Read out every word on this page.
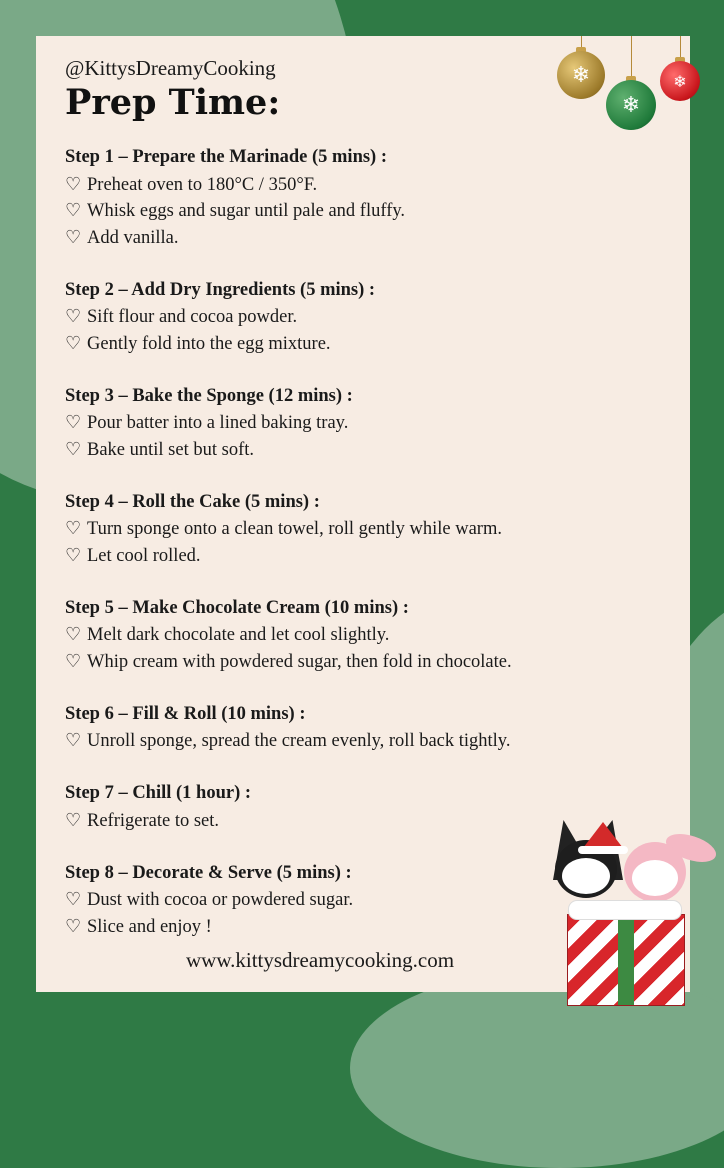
@KittysDreamyCooking

Prep Time:
Step 1 – Prepare the Marinade (5 mins) :
♡ Preheat oven to 180°C / 350°F.
♡ Whisk eggs and sugar until pale and fluffy.
♡ Add vanilla.
Step 2 – Add Dry Ingredients (5 mins) :
♡ Sift flour and cocoa powder.
♡ Gently fold into the egg mixture.
Step 3 – Bake the Sponge (12 mins) :
♡ Pour batter into a lined baking tray.
♡ Bake until set but soft.
Step 4 – Roll the Cake (5 mins) :
♡ Turn sponge onto a clean towel, roll gently while warm.
♡ Let cool rolled.
Step 5 – Make Chocolate Cream (10 mins) :
♡ Melt dark chocolate and let cool slightly.
♡ Whip cream with powdered sugar, then fold in chocolate.
Step 6 – Fill & Roll (10 mins) :
♡ Unroll sponge, spread the cream evenly, roll back tightly.
Step 7 – Chill (1 hour) :
♡ Refrigerate to set.
Step 8 – Decorate & Serve (5 mins) :
♡ Dust with cocoa or powdered sugar.
♡ Slice and enjoy !
www.kittysdreamycooking.com
❄
❄
❄
